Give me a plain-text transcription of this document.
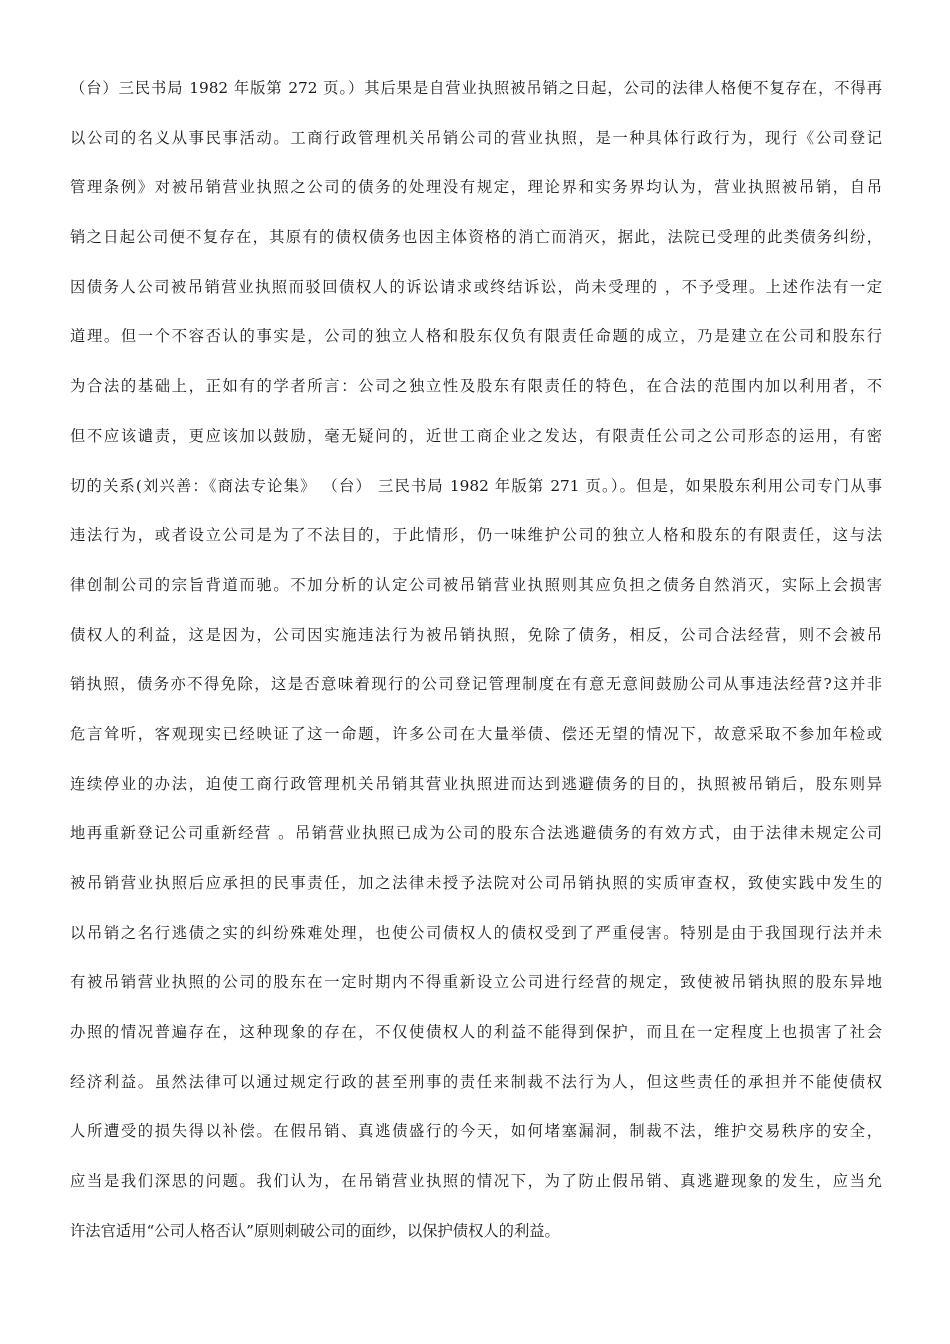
（台）三民书局 1982 年版第 272 页。）其后果是自营业执照被吊销之日起，公司的法律人格便不复存在，不得再
以公司的名义从事民事活动。工商行政管理机关吊销公司的营业执照，是一种具体行政行为，现行《公司登记
管理条例》对被吊销营业执照之公司的债务的处理没有规定，理论界和实务界均认为，营业执照被吊销，自吊
销之日起公司便不复存在，其原有的债权债务也因主体资格的消亡而消灭，据此，法院已受理的此类债务纠纷，
因债务人公司被吊销营业执照而驳回债权人的诉讼请求或终结诉讼，尚未受理的 ，不予受理。上述作法有一定
道理。但一个不容否认的事实是，公司的独立人格和股东仅负有限责任命题的成立，乃是建立在公司和股东行
为合法的基础上，正如有的学者所言：公司之独立性及股东有限责任的特色，在合法的范围内加以利用者，不
但不应该谴责，更应该加以鼓励，毫无疑问的，近世工商企业之发达，有限责任公司之公司形态的运用，有密
切的关系(刘兴善：《商法专论集》 （台） 三民书局 1982 年版第 271 页。）。但是，如果股东利用公司专门从事
违法行为，或者设立公司是为了不法目的，于此情形，仍一味维护公司的独立人格和股东的有限责任，这与法
律创制公司的宗旨背道而驰。不加分析的认定公司被吊销营业执照则其应负担之债务自然消灭，实际上会损害
债权人的利益，这是因为，公司因实施违法行为被吊销执照，免除了债务，相反，公司合法经营，则不会被吊
销执照，债务亦不得免除，这是否意味着现行的公司登记管理制度在有意无意间鼓励公司从事违法经营?这并非
危言耸听，客观现实已经映证了这一命题，许多公司在大量举债、偿还无望的情况下，故意采取不参加年检或
连续停业的办法，迫使工商行政管理机关吊销其营业执照进而达到逃避债务的目的，执照被吊销后，股东则异
地再重新登记公司重新经营 。吊销营业执照已成为公司的股东合法逃避债务的有效方式，由于法律未规定公司
被吊销营业执照后应承担的民事责任，加之法律未授予法院对公司吊销执照的实质审查权，致使实践中发生的
以吊销之名行逃债之实的纠纷殊难处理，也使公司债权人的债权受到了严重侵害。特别是由于我国现行法并未
有被吊销营业执照的公司的股东在一定时期内不得重新设立公司进行经营的规定，致使被吊销执照的股东异地
办照的情况普遍存在，这种现象的存在，不仅使债权人的利益不能得到保护，而且在一定程度上也损害了社会
经济利益。虽然法律可以通过规定行政的甚至刑事的责任来制裁不法行为人，但这些责任的承担并不能使债权
人所遭受的损失得以补偿。在假吊销、真逃债盛行的今天，如何堵塞漏洞，制裁不法，维护交易秩序的安全，
应当是我们深思的问题。我们认为，在吊销营业执照的情况下，为了防止假吊销、真逃避现象的发生，应当允
许法官适用“公司人格否认”原则刺破公司的面纱，以保护债权人的利益。
